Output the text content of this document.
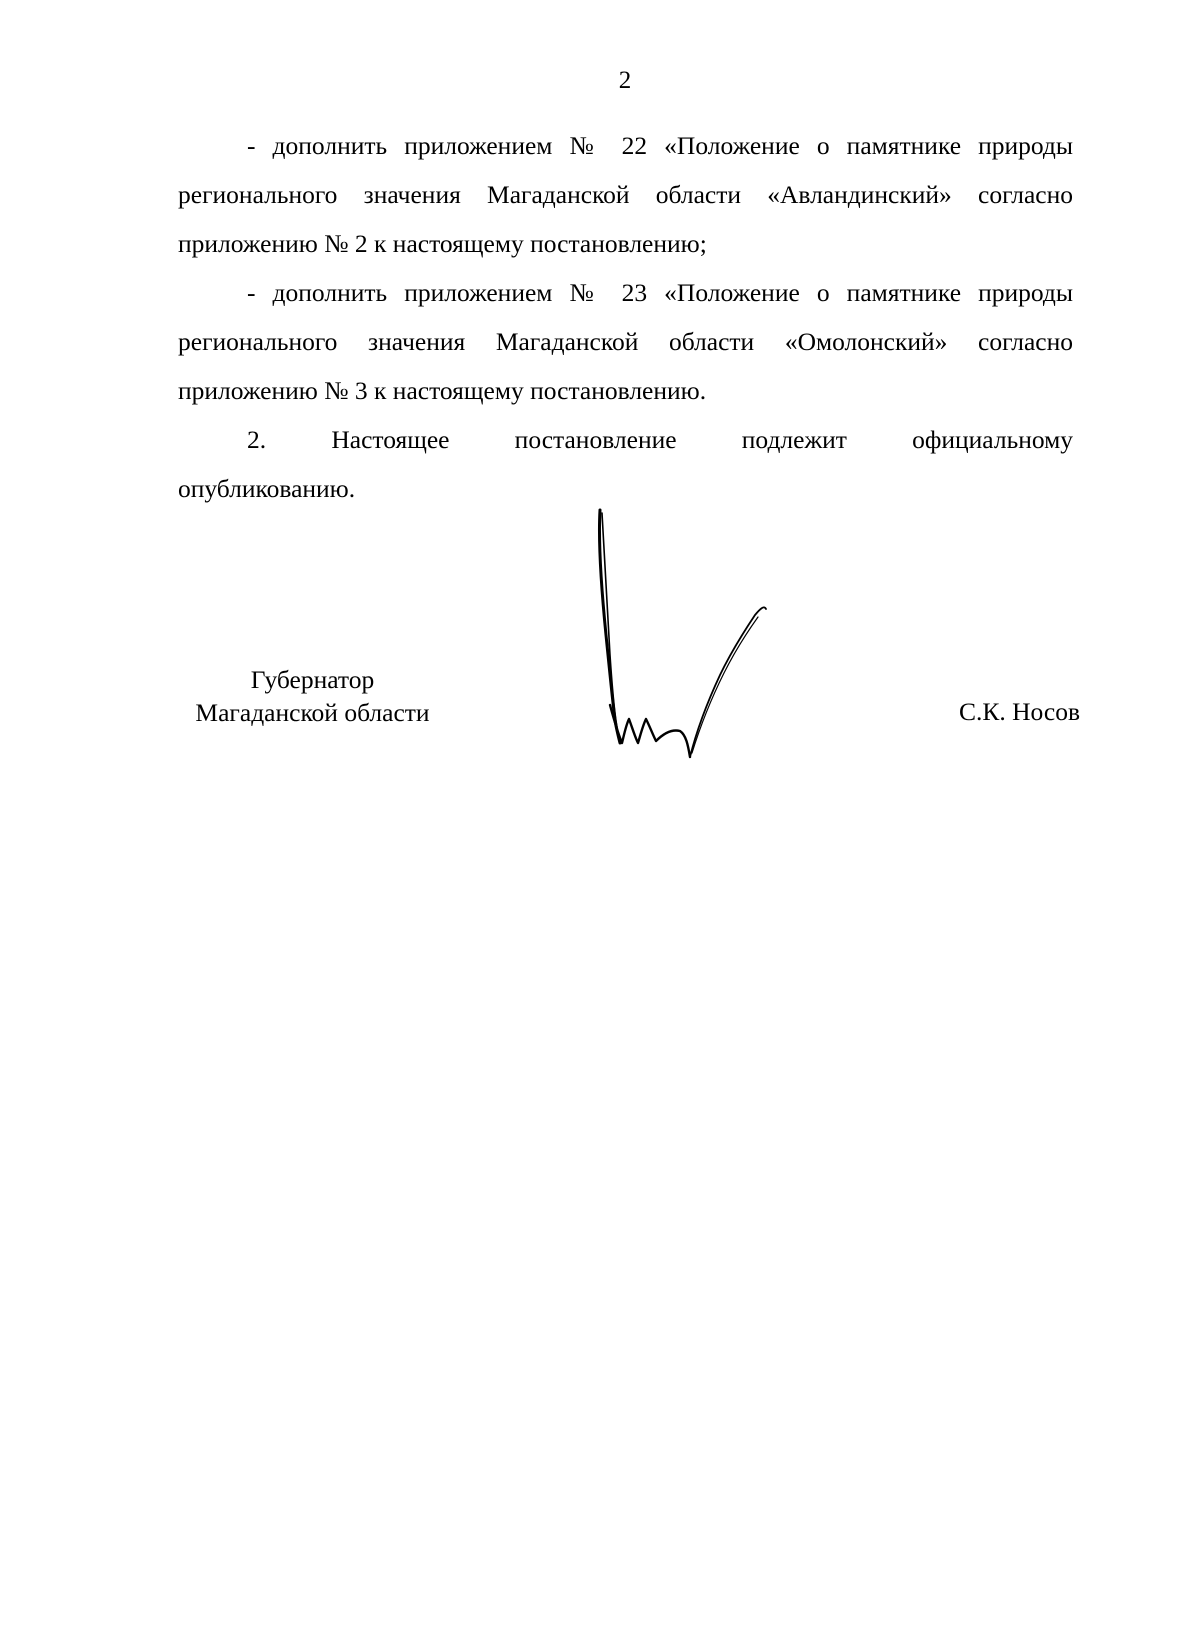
2

- дополнить приложением № 22 «Положение о памятнике природы регионального значения Магаданской области «Авландинский» согласно приложению № 2 к настоящему постановлению;

- дополнить приложением № 23 «Положение о памятнике природы регионального значения Магаданской области «Омолонский» согласно приложению № 3 к настоящему постановлению.

2. Настоящее постановление подлежит официальному

опубликованию.

Губернатор
Магаданской области	С.К. Носов
